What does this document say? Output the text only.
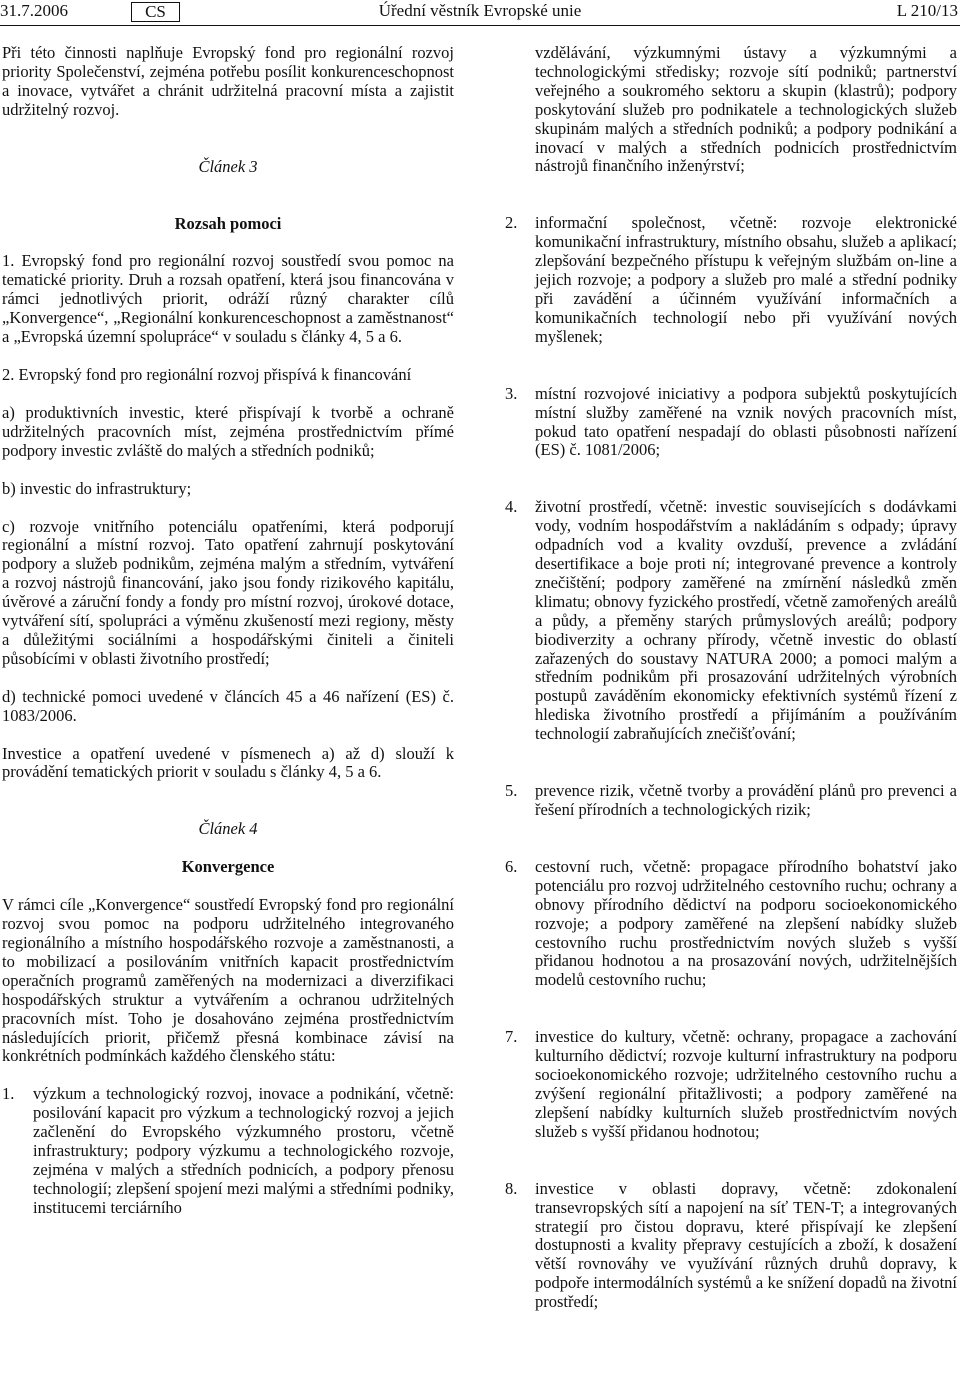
31.7.2006	CS	Úřední věstník Evropské unie	L 210/13

Při této činnosti naplňuje Evropský fond pro regionální rozvoj priority Společenství, zejména potřebu posílit konkurenceschopnost a inovace, vytvářet a chránit udržitelná pracovní místa a zajistit udržitelný rozvoj.

Článek 3

Rozsah pomoci

1. Evropský fond pro regionální rozvoj soustředí svou pomoc na tematické priority. Druh a rozsah opatření, která jsou financována v rámci jednotlivých priorit, odráží různý charakter cílů „Konvergence“, „Regionální konkurenceschopnost a zaměstnanost“ a „Evropská územní spolupráce“ v souladu s články 4, 5 a 6.

2. Evropský fond pro regionální rozvoj přispívá k financování

a) produktivních investic, které přispívají k tvorbě a ochraně udržitelných pracovních míst, zejména prostřednictvím přímé podpory investic zvláště do malých a středních podniků;

b) investic do infrastruktury;

c) rozvoje vnitřního potenciálu opatřeními, která podporují regionální a místní rozvoj. Tato opatření zahrnují poskytování podpory a služeb podnikům, zejména malým a středním, vytváření a rozvoj nástrojů financování, jako jsou fondy rizikového kapitálu, úvěrové a záruční fondy a fondy pro místní rozvoj, úrokové dotace, vytváření sítí, spolupráci a výměnu zkušeností mezi regiony, městy a důležitými sociálními a hospodářskými činiteli a činiteli působícími v oblasti životního prostředí;

d) technické pomoci uvedené v článcích 45 a 46 nařízení (ES) č. 1083/2006.

Investice a opatření uvedené v písmenech a) až d) slouží k provádění tematických priorit v souladu s články 4, 5 a 6.

Článek 4

Konvergence

V rámci cíle „Konvergence“ soustředí Evropský fond pro regionální rozvoj svou pomoc na podporu udržitelného integrovaného regionálního a místního hospodářského rozvoje a zaměstnanosti, a to mobilizací a posilováním vnitřních kapacit prostřednictvím operačních programů zaměřených na modernizaci a diverzifikaci hospodářských struktur a vytvářením a ochranou udržitelných pracovních míst. Toho je dosahováno zejména prostřednictvím následujících priorit, přičemž přesná kombinace závisí na konkrétních podmínkách každého členského státu:

1.	výzkum a technologický rozvoj, inovace a podnikání, včetně: posilování kapacit pro výzkum a technologický rozvoj a jejich začlenění do Evropského výzkumného prostoru, včetně infrastruktury; podpory výzkumu a technologického rozvoje, zejména v malých a středních podnicích, a podpory přenosu technologií; zlepšení spojení mezi malými a středními podniky, institucemi terciárního
vzdělávání, výzkumnými ústavy a výzkumnými a technologickými středisky; rozvoje sítí podniků; partnerství veřejného a soukromého sektoru a skupin (klastrů); podpory poskytování služeb pro podnikatele a technologických služeb skupinám malých a středních podniků; a podpory podnikání a inovací v malých a středních podnicích prostřednictvím nástrojů finančního inženýrství;
2.	informační společnost, včetně: rozvoje elektronické komunikační infrastruktury, místního obsahu, služeb a aplikací; zlepšování bezpečného přístupu k veřejným službám on-line a jejich rozvoje; a podpory a služeb pro malé a střední podniky při zavádění a účinném využívání informačních a komunikačních technologií nebo při využívání nových myšlenek;
3.	místní rozvojové iniciativy a podpora subjektů poskytujících místní služby zaměřené na vznik nových pracovních míst, pokud tato opatření nespadají do oblasti působnosti nařízení (ES) č. 1081/2006;
4.	životní prostředí, včetně: investic souvisejících s dodávkami vody, vodním hospodářstvím a nakládáním s odpady; úpravy odpadních vod a kvality ovzduší, prevence a zvládání desertifikace a boje proti ní; integrované prevence a kontroly znečištění; podpory zaměřené na zmírnění následků změn klimatu; obnovy fyzického prostředí, včetně zamořených areálů a půdy, a přeměny starých průmyslových areálů; podpory biodiverzity a ochrany přírody, včetně investic do oblastí zařazených do soustavy NATURA 2000; a pomoci malým a středním podnikům při prosazování udržitelných výrobních postupů zaváděním ekonomicky efektivních systémů řízení z hlediska životního prostředí a přijímáním a používáním technologií zabraňujících znečišťování;
5.	prevence rizik, včetně tvorby a provádění plánů pro prevenci a řešení přírodních a technologických rizik;
6.	cestovní ruch, včetně: propagace přírodního bohatství jako potenciálu pro rozvoj udržitelného cestovního ruchu; ochrany a obnovy přírodního dědictví na podporu socioekonomického rozvoje; a podpory zaměřené na zlepšení nabídky služeb cestovního ruchu prostřednictvím nových služeb s vyšší přidanou hodnotou a na prosazování nových, udržitelnějších modelů cestovního ruchu;
7.	investice do kultury, včetně: ochrany, propagace a zachování kulturního dědictví; rozvoje kulturní infrastruktury na podporu socioekonomického rozvoje; udržitelného cestovního ruchu a zvýšení regionální přitažlivosti; a podpory zaměřené na zlepšení nabídky kulturních služeb prostřednictvím nových služeb s vyšší přidanou hodnotou;
8.	investice v oblasti dopravy, včetně: zdokonalení transevropských sítí a napojení na síť TEN-T; a integrovaných strategií pro čistou dopravu, které přispívají ke zlepšení dostupnosti a kvality přepravy cestujících a zboží, k dosažení větší rovnováhy ve využívání různých druhů dopravy, k podpoře intermodálních systémů a ke snížení dopadů na životní prostředí;
